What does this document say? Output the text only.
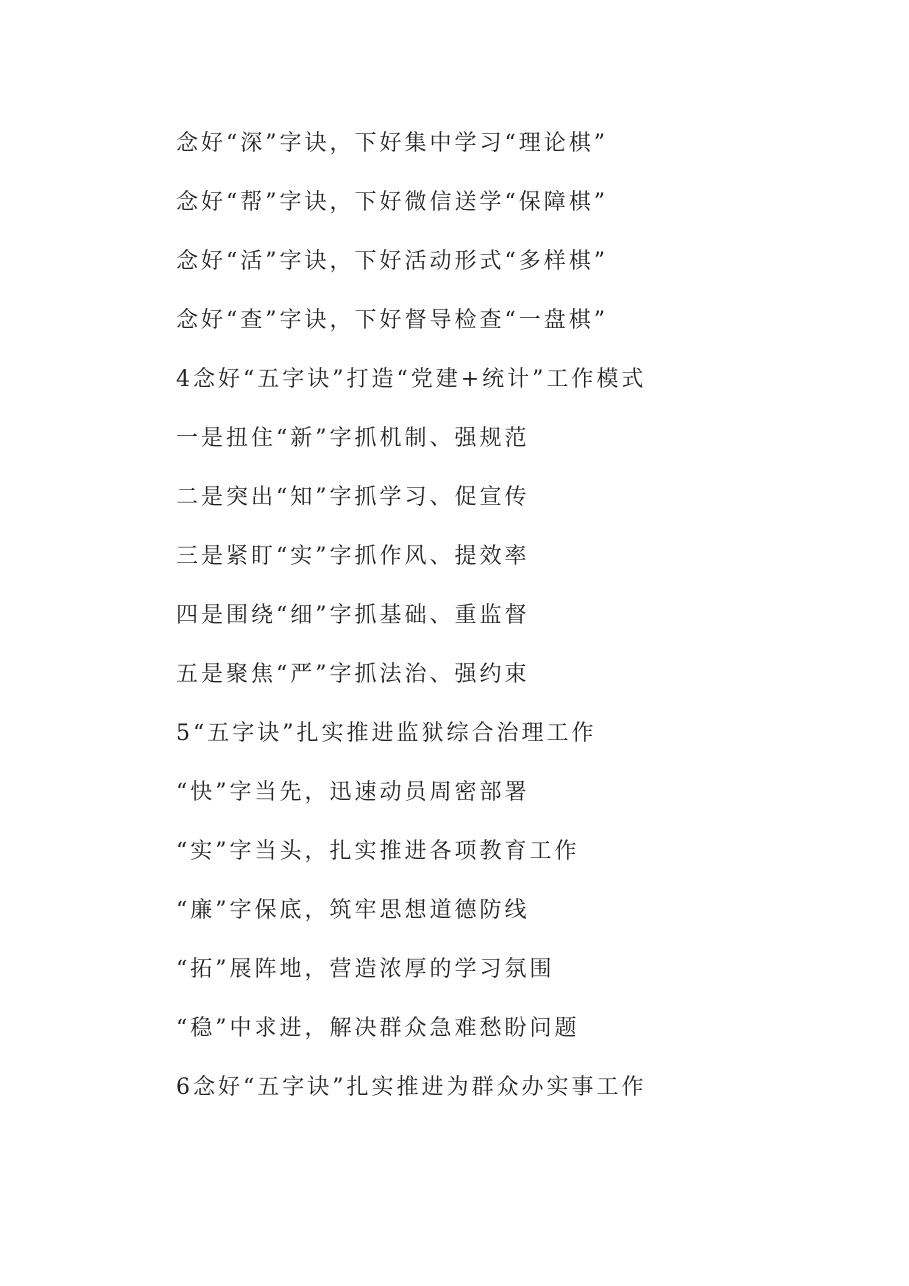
念好“深”字诀，下好集中学习“理论棋”
念好“帮”字诀，下好微信送学“保障棋”
念好“活”字诀，下好活动形式“多样棋”
念好“查”字诀，下好督导检查“一盘棋”
4念好“五字诀”打造“党建+统计”工作模式
一是扭住“新”字抓机制、强规范
二是突出“知”字抓学习、促宣传
三是紧盯“实”字抓作风、提效率
四是围绕“细”字抓基础、重监督
五是聚焦“严”字抓法治、强约束
5“五字诀”扎实推进监狱综合治理工作
“快”字当先，迅速动员周密部署
“实”字当头，扎实推进各项教育工作
“廉”字保底，筑牢思想道德防线
“拓”展阵地，营造浓厚的学习氛围
“稳”中求进，解决群众急难愁盼问题
6念好“五字诀”扎实推进为群众办实事工作
